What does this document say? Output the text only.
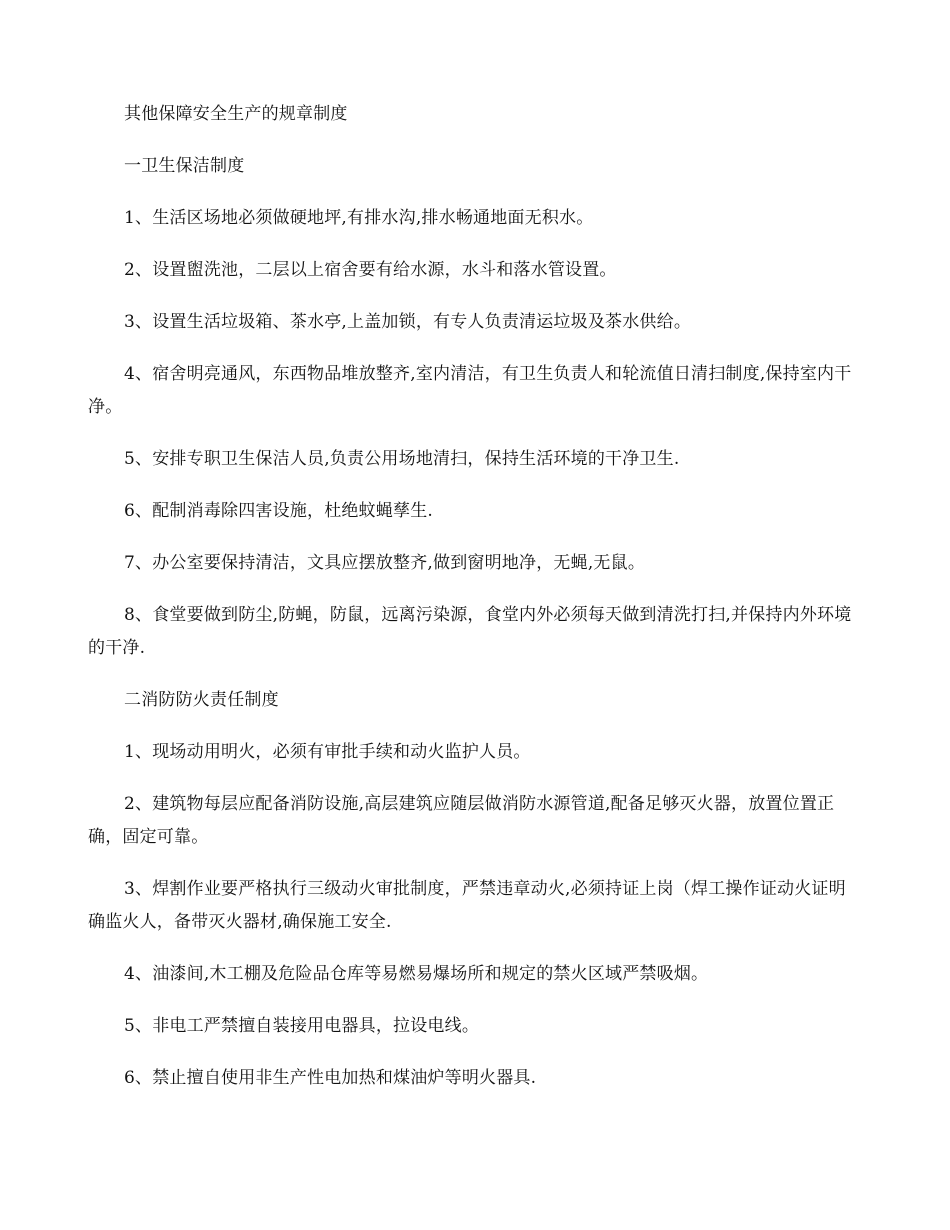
其他保障安全生产的规章制度

一卫生保洁制度

1、生活区场地必须做硬地坪,有排水沟,排水畅通地面无积水。

2、设置盥洗池，二层以上宿舍要有给水源，水斗和落水管设置。

3、设置生活垃圾箱、茶水亭,上盖加锁，有专人负责清运垃圾及茶水供给。

4、宿舍明亮通风，东西物品堆放整齐,室内清洁，有卫生负责人和轮流值日清扫制度,保持室内干净。

5、安排专职卫生保洁人员,负责公用场地清扫，保持生活环境的干净卫生.

6、配制消毒除四害设施，杜绝蚊蝇孳生.

7、办公室要保持清洁，文具应摆放整齐,做到窗明地净，无蝇,无鼠。

8、食堂要做到防尘,防蝇，防鼠，远离污染源，食堂内外必须每天做到清洗打扫,并保持内外环境的干净.

二消防防火责任制度

1、现场动用明火，必须有审批手续和动火监护人员。

2、建筑物每层应配备消防设施,高层建筑应随层做消防水源管道,配备足够灭火器，放置位置正确，固定可靠。

3、焊割作业要严格执行三级动火审批制度，严禁违章动火,必须持证上岗（焊工操作证动火证明确监火人，备带灭火器材,确保施工安全.

4、油漆间,木工棚及危险品仓库等易燃易爆场所和规定的禁火区域严禁吸烟。

5、非电工严禁擅自装接用电器具，拉设电线。

6、禁止擅自使用非生产性电加热和煤油炉等明火器具.
